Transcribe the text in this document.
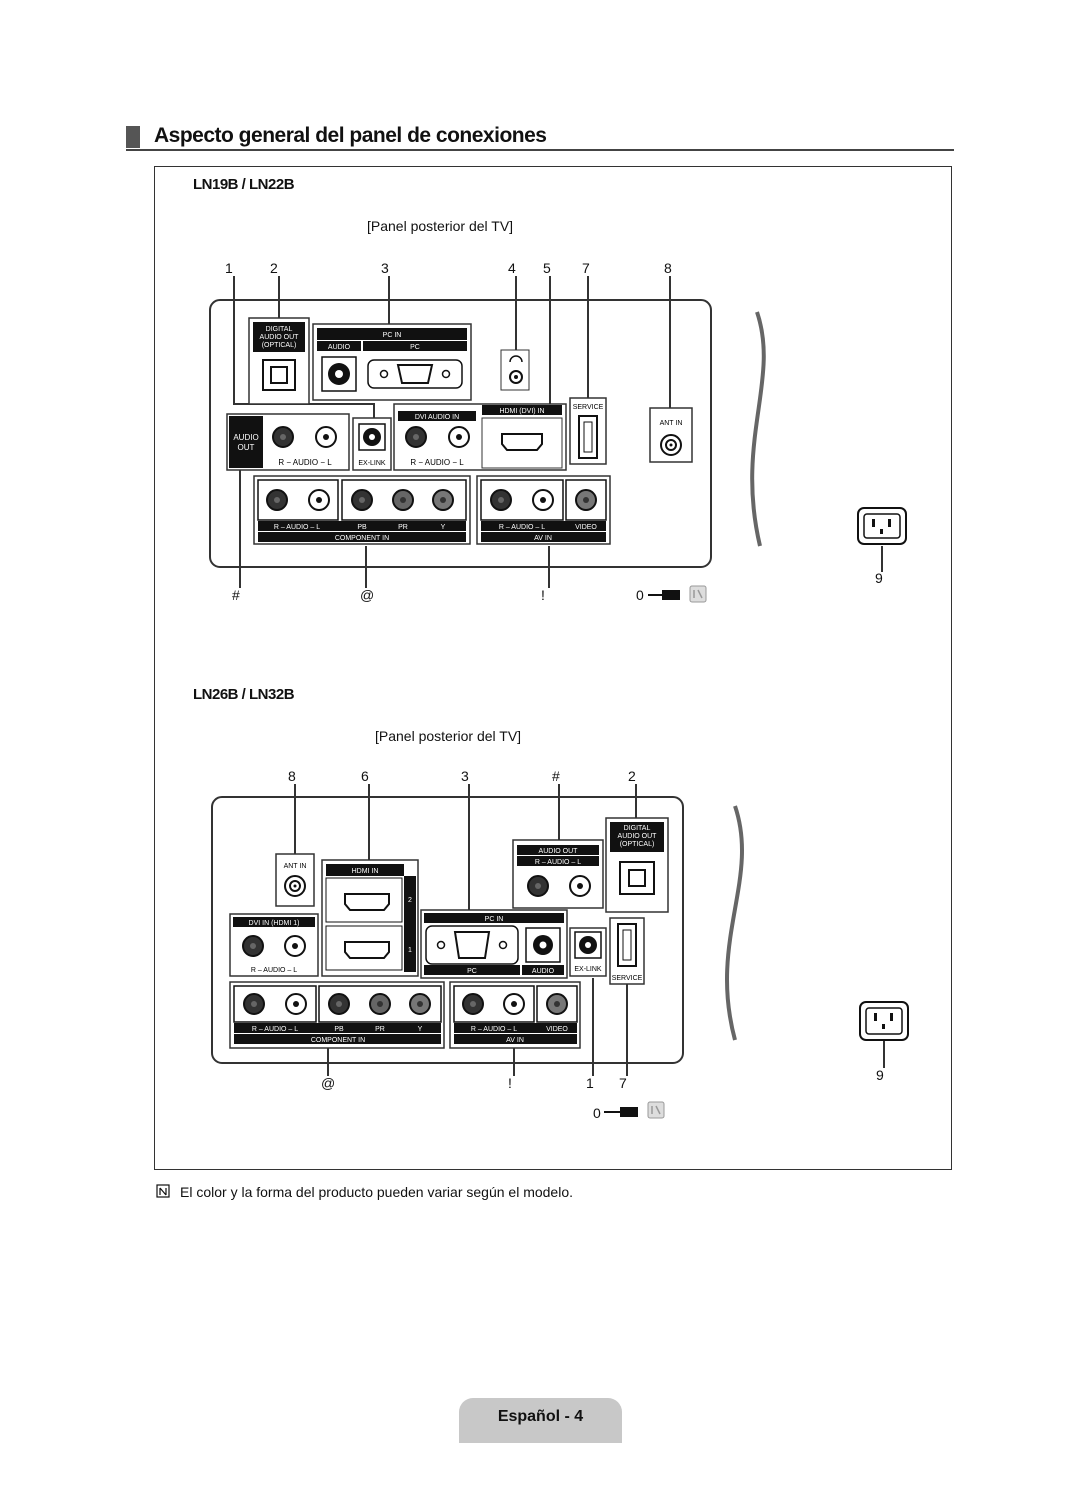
Aspecto general del panel de conexiones
LN19B / LN22B
[Panel posterior del TV]
1	2	3	4 5 7	8
#	@	!	0
9
DIGITAL
AUDIO OUT
(OPTICAL)
PC IN
AUDIO	PC
AUDIO
OUT
R − AUDIO − L	EX-LINK
DVI AUDIO IN
HDMI (DVI) IN
R − AUDIO − L
SERVICE
ANT IN
R – AUDIO – L	PB	PR	Y
COMPONENT IN
R – AUDIO – L	VIDEO
AV IN
LN26B / LN32B
[Panel posterior del TV]
8	6	3	#	2
@	!	1 7
0
9
ANT IN
HDMI IN
2
1
DVI IN (HDMI 1)
R – AUDIO – L
AUDIO OUT
R – AUDIO – L
DIGITAL
AUDIO OUT
(OPTICAL)
PC IN
PC	AUDIO	EX-LINK
SERVICE
R – AUDIO – L	PB	PR	Y
COMPONENT IN
R – AUDIO – L	VIDEO
AV IN
El color y la forma del producto pueden variar según el modelo.
Español - 4
